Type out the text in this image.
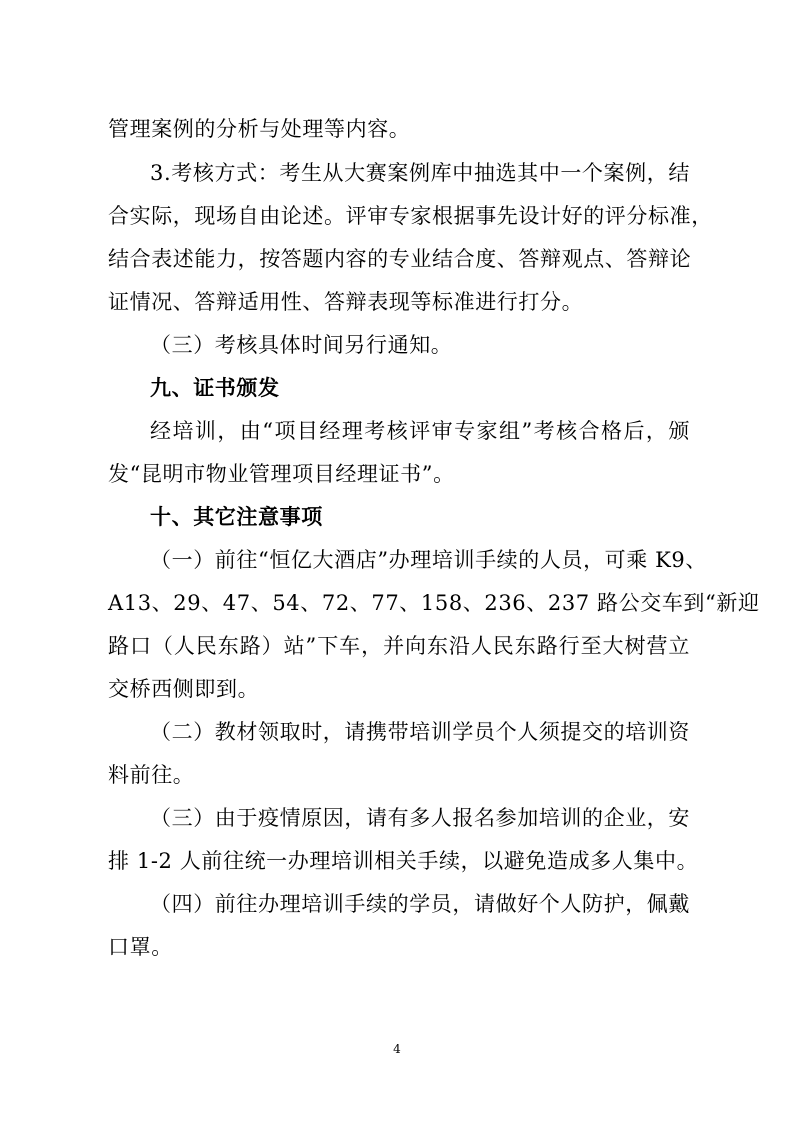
管理案例的分析与处理等内容。
3.考核方式：考生从大赛案例库中抽选其中一个案例，结
合实际，现场自由论述。评审专家根据事先设计好的评分标准，
结合表述能力，按答题内容的专业结合度、答辩观点、答辩论
证情况、答辩适用性、答辩表现等标准进行打分。
（三）考核具体时间另行通知。
九、证书颁发
经培训，由“项目经理考核评审专家组”考核合格后，颁
发“昆明市物业管理项目经理证书”。
十、其它注意事项
（一）前往“恒亿大酒店”办理培训手续的人员，可乘 K9、
A13、29、47、54、72、77、158、236、237 路公交车到“新迎
路口（人民东路）站”下车，并向东沿人民东路行至大树营立
交桥西侧即到。
（二）教材领取时，请携带培训学员个人须提交的培训资
料前往。
（三）由于疫情原因，请有多人报名参加培训的企业，安
排 1-2 人前往统一办理培训相关手续，以避免造成多人集中。
（四）前往办理培训手续的学员，请做好个人防护，佩戴
口罩。
4
